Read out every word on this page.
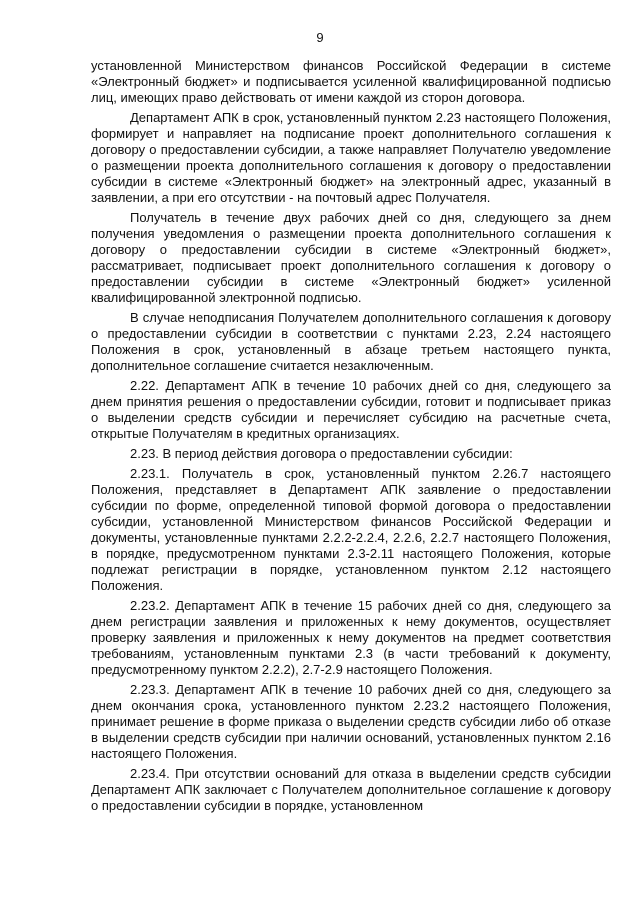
9

установленной Министерством финансов Российской Федерации в системе «Электронный бюджет» и подписывается усиленной квалифицированной подписью лиц, имеющих право действовать от имени каждой из сторон договора.

Департамент АПК в срок, установленный пунктом 2.23 настоящего Положения, формирует и направляет на подписание проект дополнительного соглашения к договору о предоставлении субсидии, а также направляет Получателю уведомление о размещении проекта дополнительного соглашения к договору о предоставлении субсидии в системе «Электронный бюджет» на электронный адрес, указанный в заявлении, а при его отсутствии - на почтовый адрес Получателя.

Получатель в течение двух рабочих дней со дня, следующего за днем получения уведомления о размещении проекта дополнительного соглашения к договору о предоставлении субсидии в системе «Электронный бюджет», рассматривает, подписывает проект дополнительного соглашения к договору о предоставлении субсидии в системе «Электронный бюджет» усиленной квалифицированной электронной подписью.

В случае неподписания Получателем дополнительного соглашения к договору о предоставлении субсидии в соответствии с пунктами 2.23, 2.24 настоящего Положения в срок, установленный в абзаце третьем настоящего пункта, дополнительное соглашение считается незаключенным.

2.22. Департамент АПК в течение 10 рабочих дней со дня, следующего за днем принятия решения о предоставлении субсидии, готовит и подписывает приказ о выделении средств субсидии и перечисляет субсидию на расчетные счета, открытые Получателям в кредитных организациях.

2.23. В период действия договора о предоставлении субсидии:

2.23.1. Получатель в срок, установленный пунктом 2.26.7 настоящего Положения, представляет в Департамент АПК заявление о предоставлении субсидии по форме, определенной типовой формой договора о предоставлении субсидии, установленной Министерством финансов Российской Федерации и документы, установленные пунктами 2.2.2-2.2.4, 2.2.6, 2.2.7 настоящего Положения, в порядке, предусмотренном пунктами 2.3-2.11 настоящего Положения, которые подлежат регистрации в порядке, установленном пунктом 2.12 настоящего Положения.

2.23.2. Департамент АПК в течение 15 рабочих дней со дня, следующего за днем регистрации заявления и приложенных к нему документов, осуществляет проверку заявления и приложенных к нему документов на предмет соответствия требованиям, установленным пунктами 2.3 (в части требований к документу, предусмотренному пунктом 2.2.2), 2.7-2.9 настоящего Положения.

2.23.3. Департамент АПК в течение 10 рабочих дней со дня, следующего за днем окончания срока, установленного пунктом 2.23.2 настоящего Положения, принимает решение в форме приказа о выделении средств субсидии либо об отказе в выделении средств субсидии при наличии оснований, установленных пунктом 2.16 настоящего Положения.

2.23.4. При отсутствии оснований для отказа в выделении средств субсидии Департамент АПК заключает с Получателем дополнительное соглашение к договору о предоставлении субсидии в порядке, установленном
